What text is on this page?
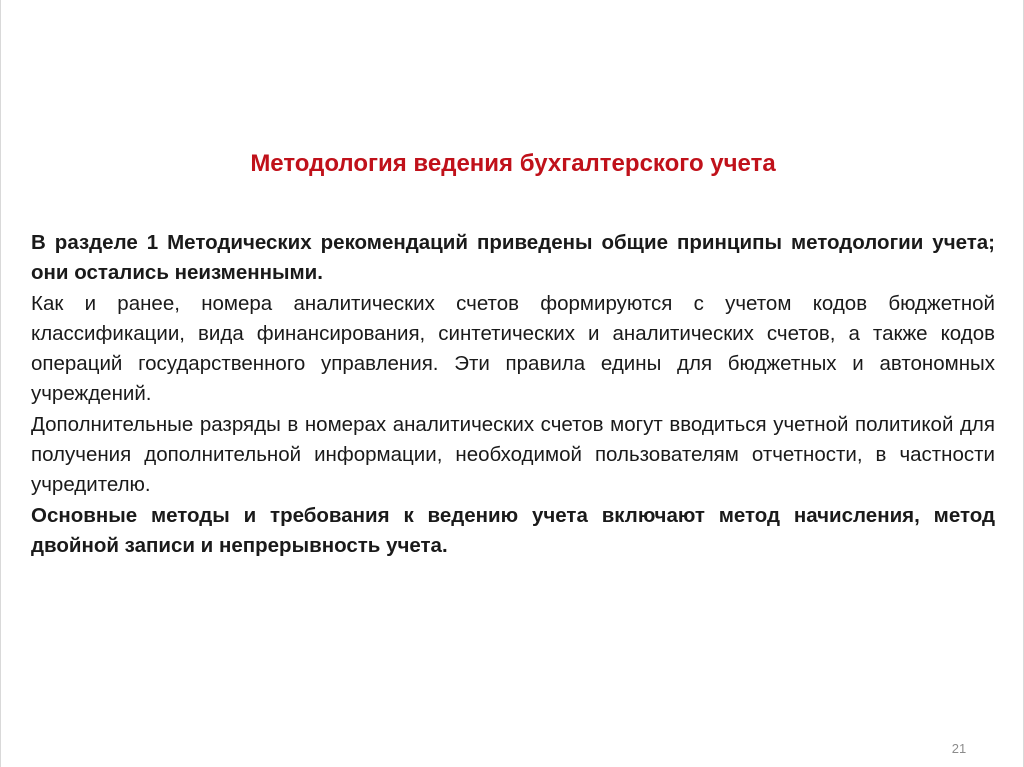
Методология ведения бухгалтерского учета

В разделе 1 Методических рекомендаций приведены общие принципы методологии учета; они остались неизменными.

Как и ранее, номера аналитических счетов формируются с учетом кодов бюджетной классификации, вида финансирования, синтетических и аналитических счетов, а также кодов операций государственного управления. Эти правила едины для бюджетных и автономных учреждений.

Дополнительные разряды в номерах аналитических счетов могут вводиться учетной политикой для получения дополнительной информации, необходимой пользователям отчетности, в частности учредителю.

Основные методы и требования к ведению учета включают метод начисления, метод двойной записи и непрерывность учета.

21
